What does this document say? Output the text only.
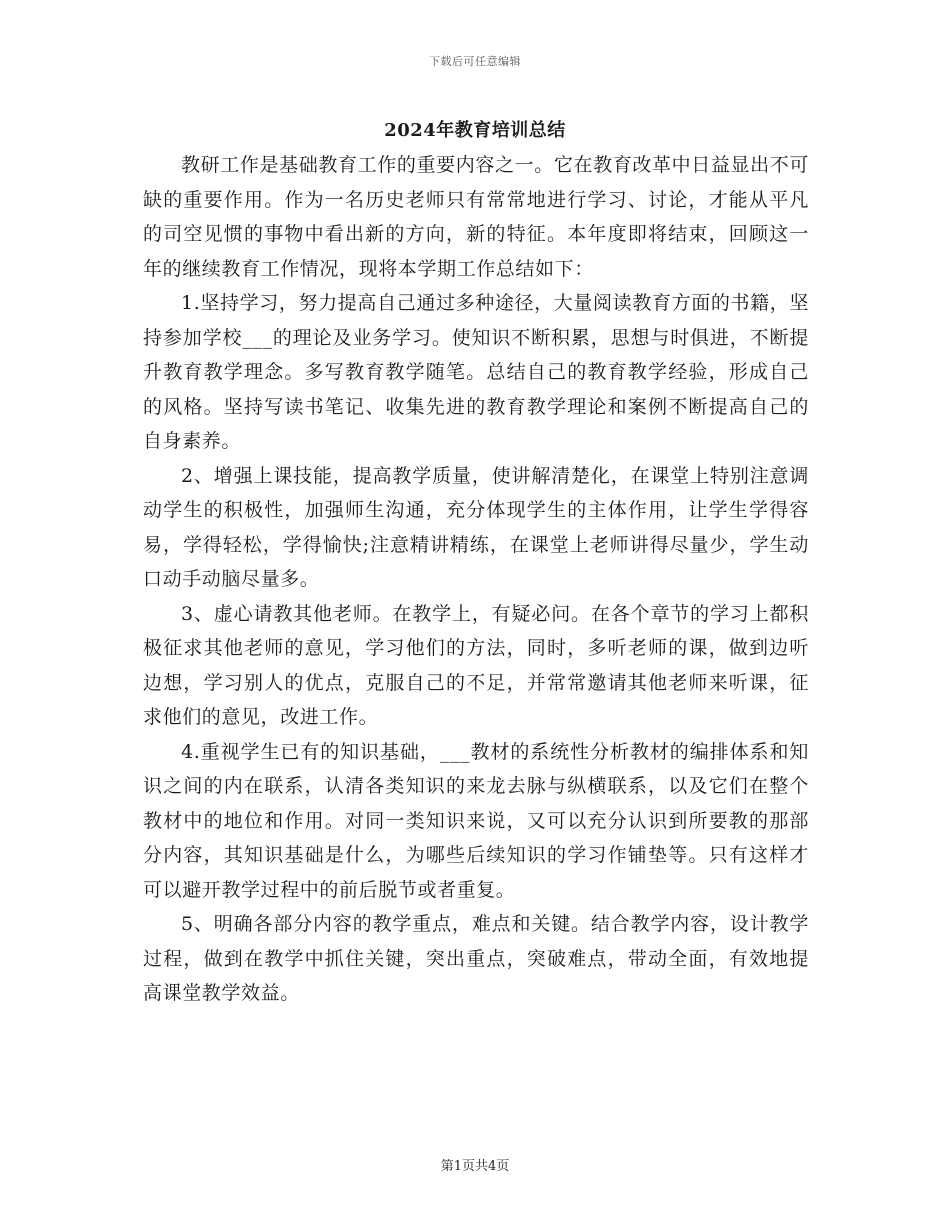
下载后可任意编辑
2024年教育培训总结

教研工作是基础教育工作的重要内容之一。它在教育改革中日益显出不可缺的重要作用。作为一名历史老师只有常常地进行学习、讨论，才能从平凡的司空见惯的事物中看出新的方向，新的特征。本年度即将结束，回顾这一年的继续教育工作情况，现将本学期工作总结如下：

1.坚持学习，努力提高自己通过多种途径，大量阅读教育方面的书籍，坚持参加学校___的理论及业务学习。使知识不断积累，思想与时俱进，不断提升教育教学理念。多写教育教学随笔。总结自己的教育教学经验，形成自己的风格。坚持写读书笔记、收集先进的教育教学理论和案例不断提高自己的自身素养。

2、增强上课技能，提高教学质量，使讲解清楚化，在课堂上特别注意调动学生的积极性，加强师生沟通，充分体现学生的主体作用，让学生学得容易，学得轻松，学得愉快;注意精讲精练，在课堂上老师讲得尽量少，学生动口动手动脑尽量多。

3、虚心请教其他老师。在教学上，有疑必问。在各个章节的学习上都积极征求其他老师的意见，学习他们的方法，同时，多听老师的课，做到边听边想，学习别人的优点，克服自己的不足，并常常邀请其他老师来听课，征求他们的意见，改进工作。

4.重视学生已有的知识基础，___教材的系统性分析教材的编排体系和知识之间的内在联系，认清各类知识的来龙去脉与纵横联系，以及它们在整个教材中的地位和作用。对同一类知识来说，又可以充分认识到所要教的那部分内容，其知识基础是什么，为哪些后续知识的学习作铺垫等。只有这样才可以避开教学过程中的前后脱节或者重复。

5、明确各部分内容的教学重点，难点和关键。结合教学内容，设计教学过程，做到在教学中抓住关键，突出重点，突破难点，带动全面，有效地提高课堂教学效益。

第1页共4页
